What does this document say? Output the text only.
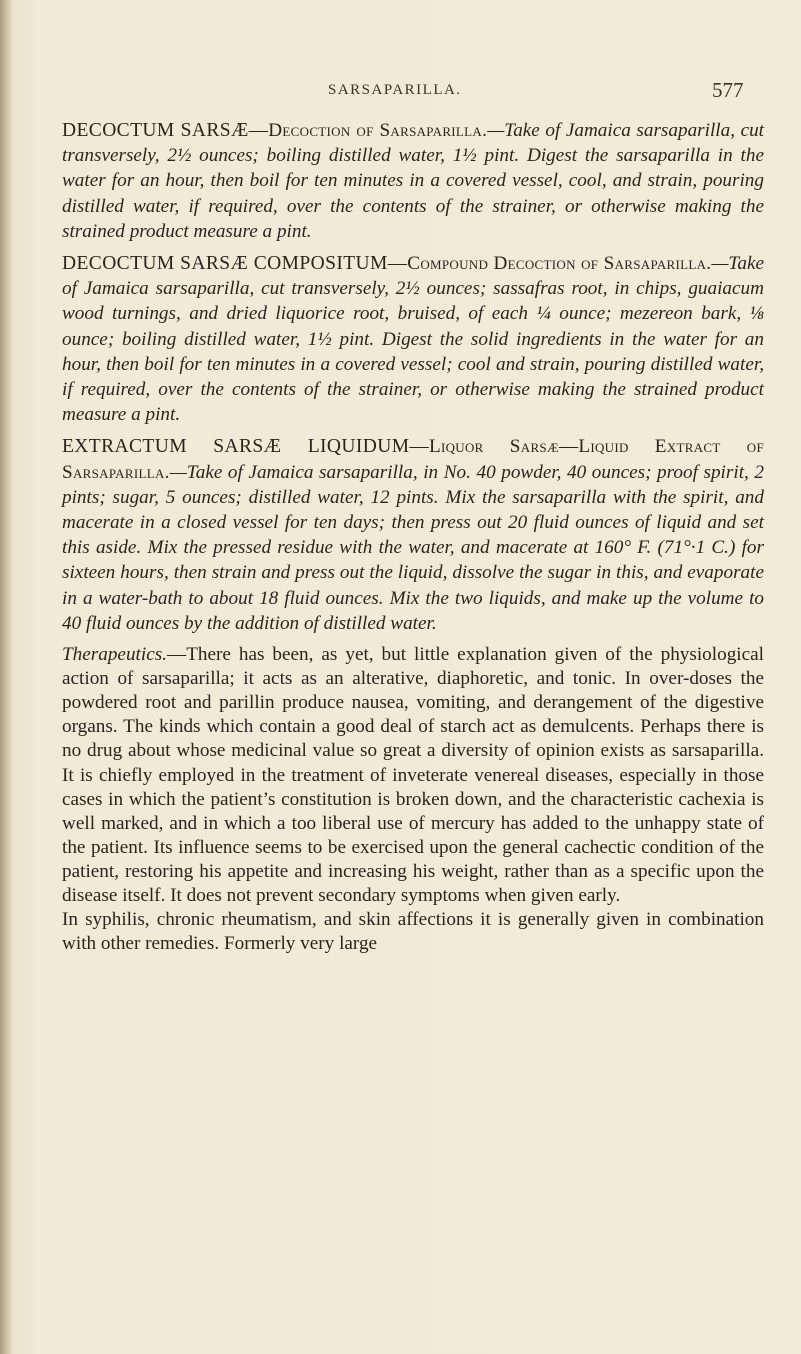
SARSAPARILLA.	577

DECOCTUM SARSÆ—Decoction of Sarsaparilla.—Take of Jamaica sarsaparilla, cut transversely, 2½ ounces; boiling distilled water, 1½ pint. Digest the sarsaparilla in the water for an hour, then boil for ten minutes in a covered vessel, cool, and strain, pouring distilled water, if required, over the contents of the strainer, or otherwise making the strained product measure a pint.

DECOCTUM SARSÆ COMPOSITUM—Compound Decoction of Sarsaparilla.—Take of Jamaica sarsaparilla, cut transversely, 2½ ounces; sassafras root, in chips, guaiacum wood turnings, and dried liquorice root, bruised, of each ¼ ounce; mezereon bark, ⅛ ounce; boiling distilled water, 1½ pint. Digest the solid ingredients in the water for an hour, then boil for ten minutes in a covered vessel; cool and strain, pouring distilled water, if required, over the contents of the strainer, or otherwise making the strained product measure a pint.

EXTRACTUM SARSÆ LIQUIDUM—Liquor Sarsæ—Liquid Extract of Sarsaparilla.—Take of Jamaica sarsaparilla, in No. 40 powder, 40 ounces; proof spirit, 2 pints; sugar, 5 ounces; distilled water, 12 pints. Mix the sarsaparilla with the spirit, and macerate in a closed vessel for ten days; then press out 20 fluid ounces of liquid and set this aside. Mix the pressed residue with the water, and macerate at 160° F. (71°·1 C.) for sixteen hours, then strain and press out the liquid, dissolve the sugar in this, and evaporate in a water-bath to about 18 fluid ounces. Mix the two liquids, and make up the volume to 40 fluid ounces by the addition of distilled water.

Therapeutics.—There has been, as yet, but little explanation given of the physiological action of sarsaparilla; it acts as an alterative, diaphoretic, and tonic. In over-doses the powdered root and parillin produce nausea, vomiting, and derangement of the digestive organs. The kinds which contain a good deal of starch act as demulcents. Perhaps there is no drug about whose medicinal value so great a diversity of opinion exists as sarsaparilla. It is chiefly employed in the treatment of inveterate venereal diseases, especially in those cases in which the patient’s constitution is broken down, and the characteristic cachexia is well marked, and in which a too liberal use of mercury has added to the unhappy state of the patient. Its influence seems to be exercised upon the general cachectic condition of the patient, restoring his appetite and increasing his weight, rather than as a specific upon the disease itself. It does not prevent secondary symptoms when given early.

In syphilis, chronic rheumatism, and skin affections it is generally given in combination with other remedies. Formerly very large
